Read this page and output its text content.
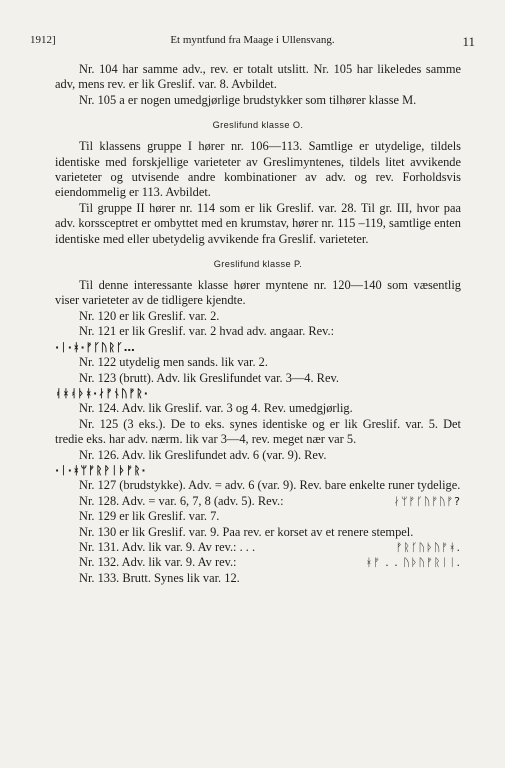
1912]	Et myntfund fra Maage i Ullensvang.	11

Nr. 104 har samme adv., rev. er totalt utslitt. Nr. 105 har likeledes samme adv, mens rev. er lik Greslif. var. 8. Avbildet.

Nr. 105 a er nogen umedgjørlige brudstykker som tilhører klasse M.

Greslifund klasse O.

Til klassens gruppe I hører nr. 106—113. Samtlige er utydelige, tildels identiske med forskjellige varieteter av Greslimyntenes, tildels litet avvikende varieteter og utvisende andre kombinationer av adv. og rev. Forholdsvis eiendommelig er 113. Avbildet.

Til gruppe II hører nr. 114 som er lik Greslif. var. 28. Til gr. III, hvor paa adv. korssceptret er ombyttet med en krumstav, hører nr. 115 –119, samtlige enten identiske med eller ubetydelig avvikende fra Greslif. varieteter.

Greslifund klasse P.

Til denne interessante klasse hører myntene nr. 120—140 som væsentlig viser varieteter av de tidligere kjendte.

Nr. 120 er lik Greslif. var. 2.

Nr. 121 er lik Greslif. var. 2 hvad adv. angaar. Rev.:

·ᛁ·ᚼ·ᚠᚴᚢᚱᚴ…

Nr. 122 utydelig men sands. lik var. 2.

Nr. 123 (brutt). Adv. lik Greslifundet var. 3—4. Rev.

ᚮᚼᚮᚦᚼ·ᛅᚠᚾᚢᚠᚱ·

Nr. 124. Adv. lik Greslif. var. 3 og 4. Rev. umedgjørlig.

Nr. 125 (3 eks.). De to eks. synes identiske og er lik Greslif. var. 5. Det tredie eks. har adv. nærm. lik var 3—4, rev. meget nær var 5.

Nr. 126. Adv. lik Greslifundet adv. 6 (var. 9). Rev.

·ᛁ·ᚼᛘᚠᚱᚹᛁᚦᚠᚱ·

Nr. 127 (brudstykke). Adv. = adv. 6 (var. 9). Rev. bare enkelte runer tydelige.

Nr. 128. Adv. = var. 6, 7, 8 (adv. 5). Rev.:	ᛅᛘᚠᚴᚢᚠᚢᚠ?

Nr. 129 er lik Greslif. var. 7.

Nr. 130 er lik Greslif. var. 9. Paa rev. er korset av et renere stempel.

Nr. 131. Adv. lik var. 9. Av rev.: . . .	ᚠᚱᚴᚢᚦᚢᚠᚼ.

Nr. 132. Adv. lik var. 9. Av rev.:	ᚼᚠ . . ᚢᚦᚢᚠᚱᛁᛁ.

Nr. 133. Brutt. Synes lik var. 12.
